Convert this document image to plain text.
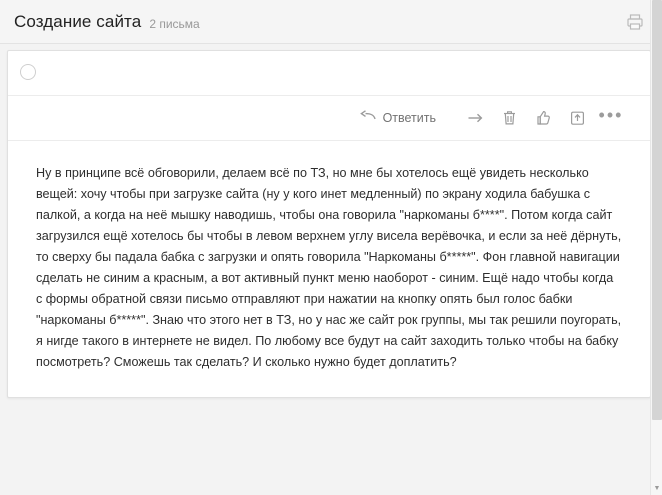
Создание сайта 2 письма
Ответить	•••
Ну в принципе всё обговорили, делаем всё по ТЗ, но мне бы хотелось ещё увидеть несколько вещей: хочу чтобы при загрузке сайта (ну у кого инет медленный) по экрану ходила бабушка с палкой, а когда на неё мышку наводишь, чтобы она говорила "наркоманы б****". Потом когда сайт загрузился ещё хотелось бы чтобы в левом верхнем углу висела верёвочка, и если за неё дёрнуть, то сверху бы падала бабка с загрузки и опять говорила "Наркоманы б*****". Фон главной навигации сделать не синим а красным, а вот активный пункт меню наоборот - синим. Ещё надо чтобы когда с формы обратной связи письмо отправляют при нажатии на кнопку опять был голос бабки "наркоманы б*****". Знаю что этого нет в ТЗ, но у нас же сайт рок группы, мы так решили поугорать, я нигде такого в интернете не видел. По любому все будут на сайт заходить только чтобы на бабку посмотреть? Сможешь так сделать? И сколько нужно будет доплатить?
▼
